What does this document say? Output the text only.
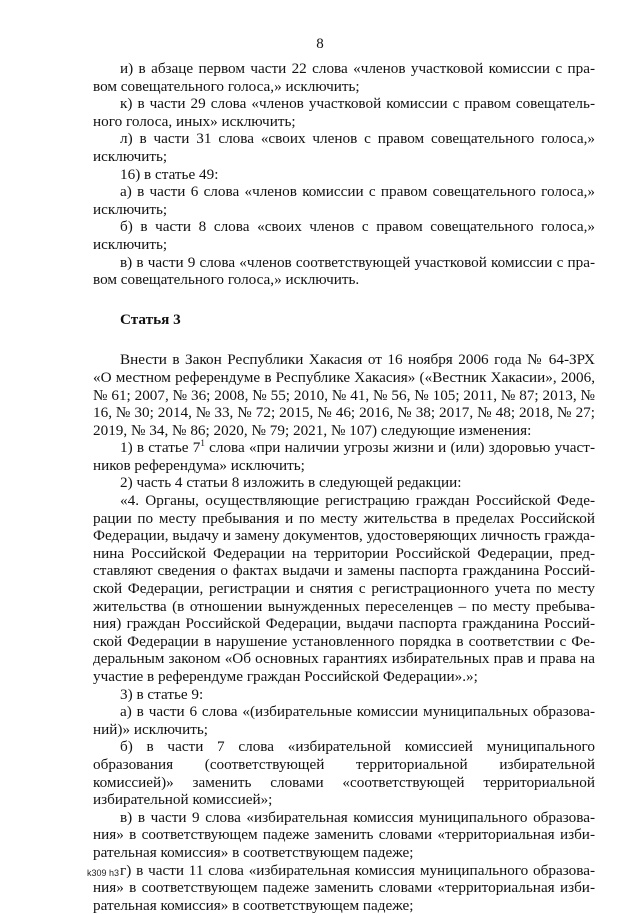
8

и) в абзаце первом части 22 слова «членов участковой комиссии с правом совещательного голоса,» исключить;

к) в части 29 слова «членов участковой комиссии с правом совещательного голоса, иных» исключить;

л) в части 31 слова «своих членов с правом совещательного голоса,» исключить;

16) в статье 49:

а) в части 6 слова «членов комиссии с правом совещательного голоса,» исключить;

б) в части 8 слова «своих членов с правом совещательного голоса,» исключить;

в) в части 9 слова «членов соответствующей участковой комиссии с правом совещательного голоса,» исключить.

Статья 3

Внести в Закон Республики Хакасия от 16 ноября 2006 года № 64-ЗРХ «О местном референдуме в Республике Хакасия» («Вестник Хакасии», 2006, № 61; 2007, № 36; 2008, № 55; 2010, № 41, № 56, № 105; 2011, № 87; 2013, № 16, № 30; 2014, № 33, № 72; 2015, № 46; 2016, № 38; 2017, № 48; 2018, № 27; 2019, № 34, № 86; 2020, № 79; 2021, № 107) следующие изменения:

1) в статье $7^1$ слова «при наличии угрозы жизни и (или) здоровью участников референдума» исключить;

2) часть 4 статьи 8 изложить в следующей редакции:

«4. Органы, осуществляющие регистрацию граждан Российской Федерации по месту пребывания и по месту жительства в пределах Российской Федерации, выдачу и замену документов, удостоверяющих личность гражданина Российской Федерации на территории Российской Федерации, представляют сведения о фактах выдачи и замены паспорта гражданина Российской Федерации, регистрации и снятия с регистрационного учета по месту жительства (в отношении вынужденных переселенцев – по месту пребывания) граждан Российской Федерации, выдачи паспорта гражданина Российской Федерации в нарушение установленного порядка в соответствии с Федеральным законом «Об основных гарантиях избирательных прав и права на участие в референдуме граждан Российской Федерации».»;

3) в статье 9:

а) в части 6 слова «(избирательные комиссии муниципальных образований)» исключить;

б) в части 7 слова «избирательной комиссией муниципального образования (соответствующей территориальной избирательной комиссией)» заменить словами «соответствующей территориальной избирательной комиссией»;

в) в части 9 слова «избирательная комиссия муниципального образования» в соответствующем падеже заменить словами «территориальная избирательная комиссия» в соответствующем падеже;

г) в части 11 слова «избирательная комиссия муниципального образования» в соответствующем падеже заменить словами «территориальная избирательная комиссия» в соответствующем падеже;

k309 h3
